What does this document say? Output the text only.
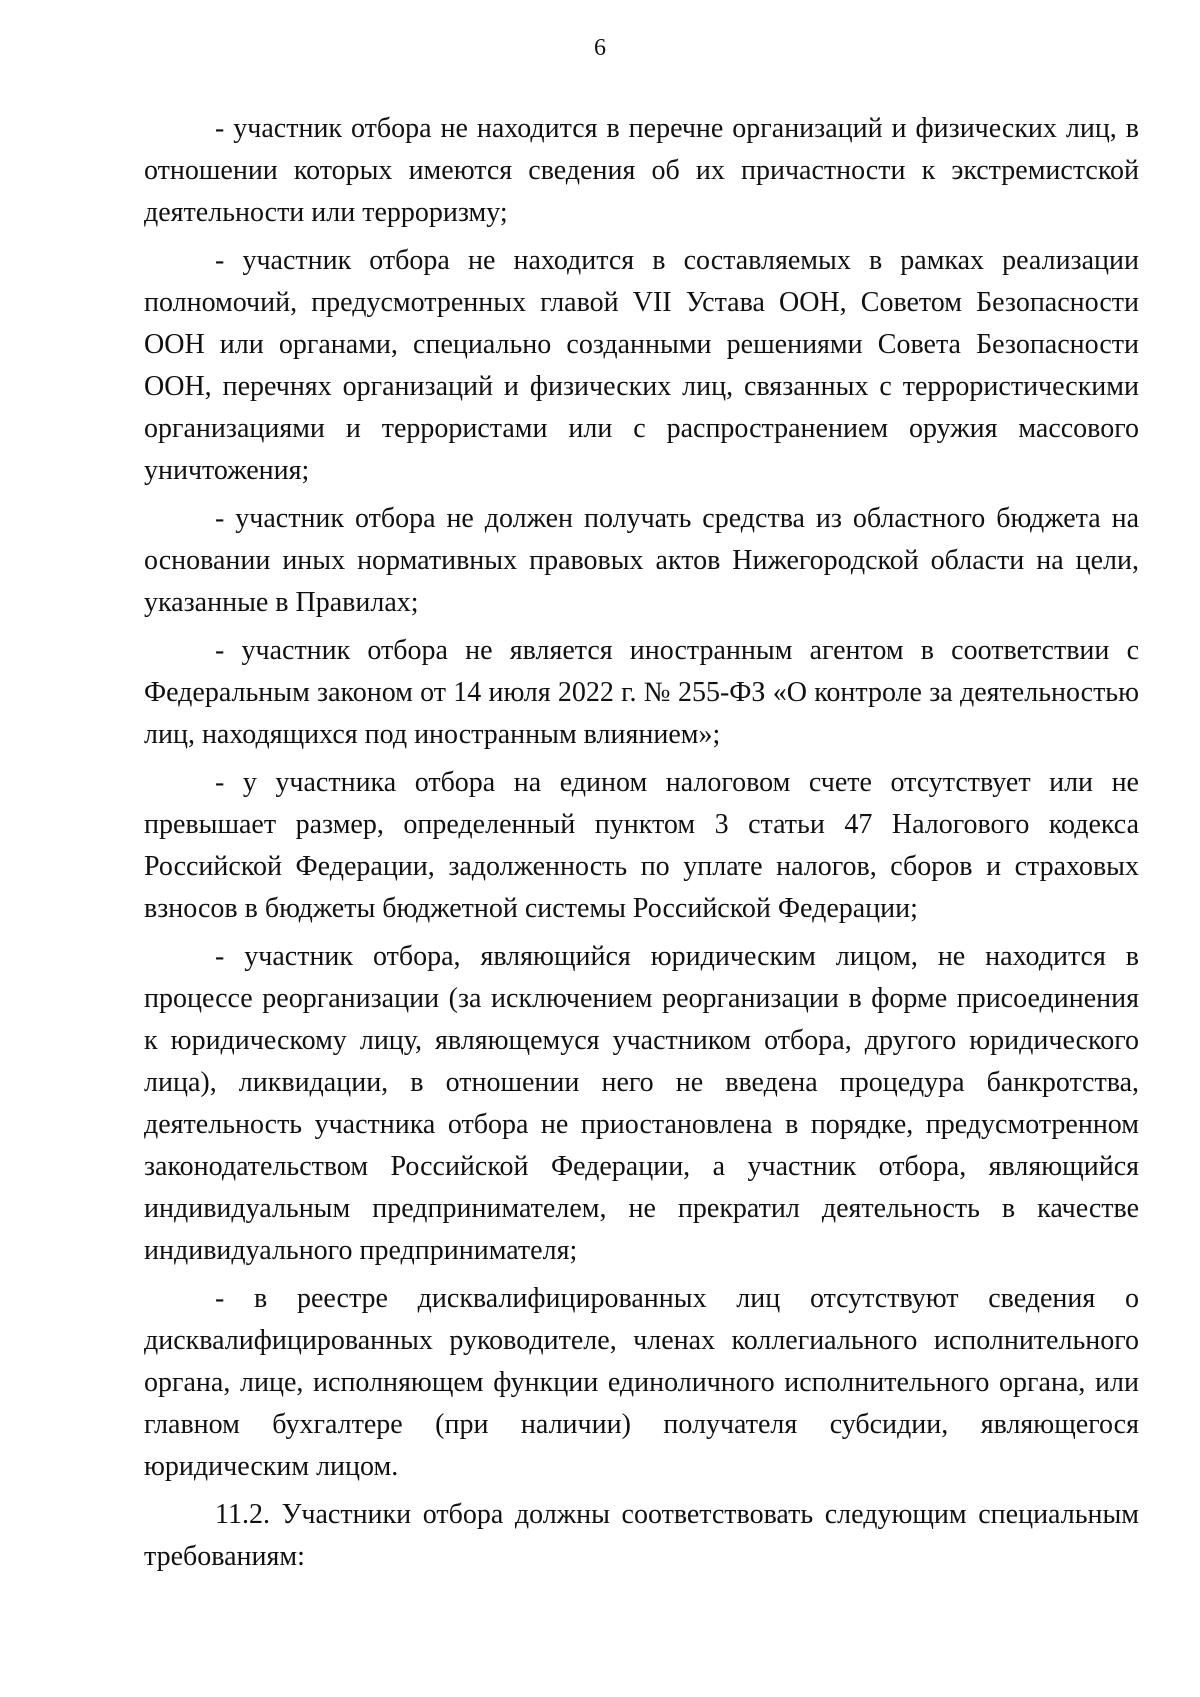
6

- участник отбора не находится в перечне организаций и физических лиц, в отношении которых имеются сведения об их причастности к экстремистской деятельности или терроризму;

- участник отбора не находится в составляемых в рамках реализации полномочий, предусмотренных главой VII Устава ООН, Советом Безопасности ООН или органами, специально созданными решениями Совета Безопасности ООН, перечнях организаций и физических лиц, связанных с террористическими организациями и террористами или с распространением оружия массового уничтожения;

- участник отбора не должен получать средства из областного бюджета на основании иных нормативных правовых актов Нижегородской области на цели, указанные в Правилах;

- участник отбора не является иностранным агентом в соответствии с Федеральным законом от 14 июля 2022 г. № 255-ФЗ «О контроле за деятельностью лиц, находящихся под иностранным влиянием»;

- у участника отбора на едином налоговом счете отсутствует или не превышает размер, определенный пунктом 3 статьи 47 Налогового кодекса Российской Федерации, задолженность по уплате налогов, сборов и страховых взносов в бюджеты бюджетной системы Российской Федерации;

- участник отбора, являющийся юридическим лицом, не находится в процессе реорганизации (за исключением реорганизации в форме присоединения к юридическому лицу, являющемуся участником отбора, другого юридического лица), ликвидации, в отношении него не введена процедура банкротства, деятельность участника отбора не приостановлена в порядке, предусмотренном законодательством Российской Федерации, а участник отбора, являющийся индивидуальным предпринимателем, не прекратил деятельность в качестве индивидуального предпринимателя;

- в реестре дисквалифицированных лиц отсутствуют сведения о дисквалифицированных руководителе, членах коллегиального исполнительного органа, лице, исполняющем функции единоличного исполнительного органа, или главном бухгалтере (при наличии) получателя субсидии, являющегося юридическим лицом.

11.2. Участники отбора должны соответствовать следующим специальным требованиям:
